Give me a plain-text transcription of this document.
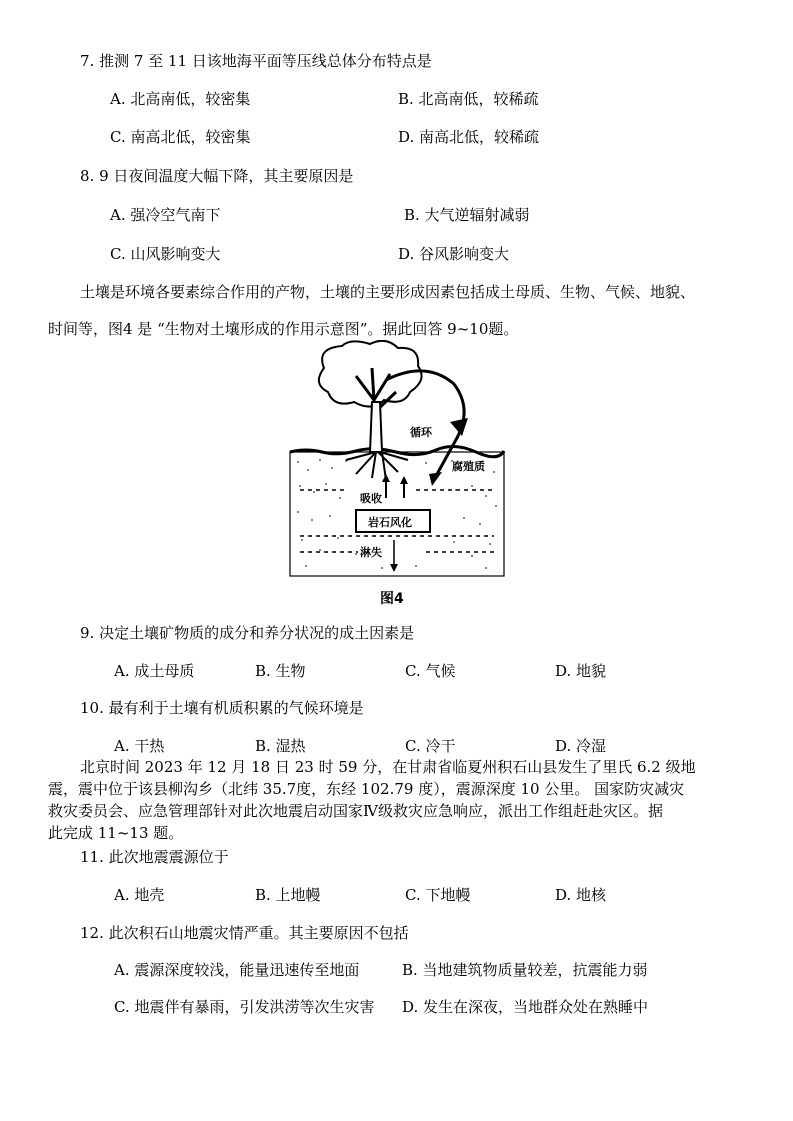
7. 推测 7 至 11 日该地海平面等压线总体分布特点是
A. 北高南低，较密集	B. 北高南低，较稀疏
C. 南高北低，较密集	D. 南高北低，较稀疏
8. 9 日夜间温度大幅下降，其主要原因是
A. 强冷空气南下	B. 大气逆辐射减弱
C. 山风影响变大	D. 谷风影响变大
土壤是环境各要素综合作用的产物，土壤的主要形成因素包括成土母质、生物、气候、地貌、
时间等，图4 是 “生物对土壤形成的作用示意图”。据此回答 9~10题。
循环
腐殖质
吸收
岩石风化
淋失
图4
9. 决定土壤矿物质的成分和养分状况的成土因素是
A. 成土母质	B. 生物	C. 气候	D. 地貌
10. 最有利于土壤有机质积累的气候环境是
A. 干热	B. 湿热	C. 冷干	D. 冷湿
北京时间 2023 年 12 月 18 日 23 时 59 分，在甘肃省临夏州积石山县发生了里氏 6.2 级地
震，震中位于该县柳沟乡（北纬 35.7度，东经 102.79 度），震源深度 10 公里。 国家防灾减灾
救灾委员会、应急管理部针对此次地震启动国家Ⅳ级救灾应急响应，派出工作组赶赴灾区。据
此完成 11~13 题。
11. 此次地震震源位于
A. 地壳	B. 上地幔	C. 下地幔	D. 地核
12. 此次积石山地震灾情严重。其主要原因不包括
A. 震源深度较浅，能量迅速传至地面	B. 当地建筑物质量较差，抗震能力弱
C. 地震伴有暴雨，引发洪涝等次生灾害 D. 发生在深夜，当地群众处在熟睡中
